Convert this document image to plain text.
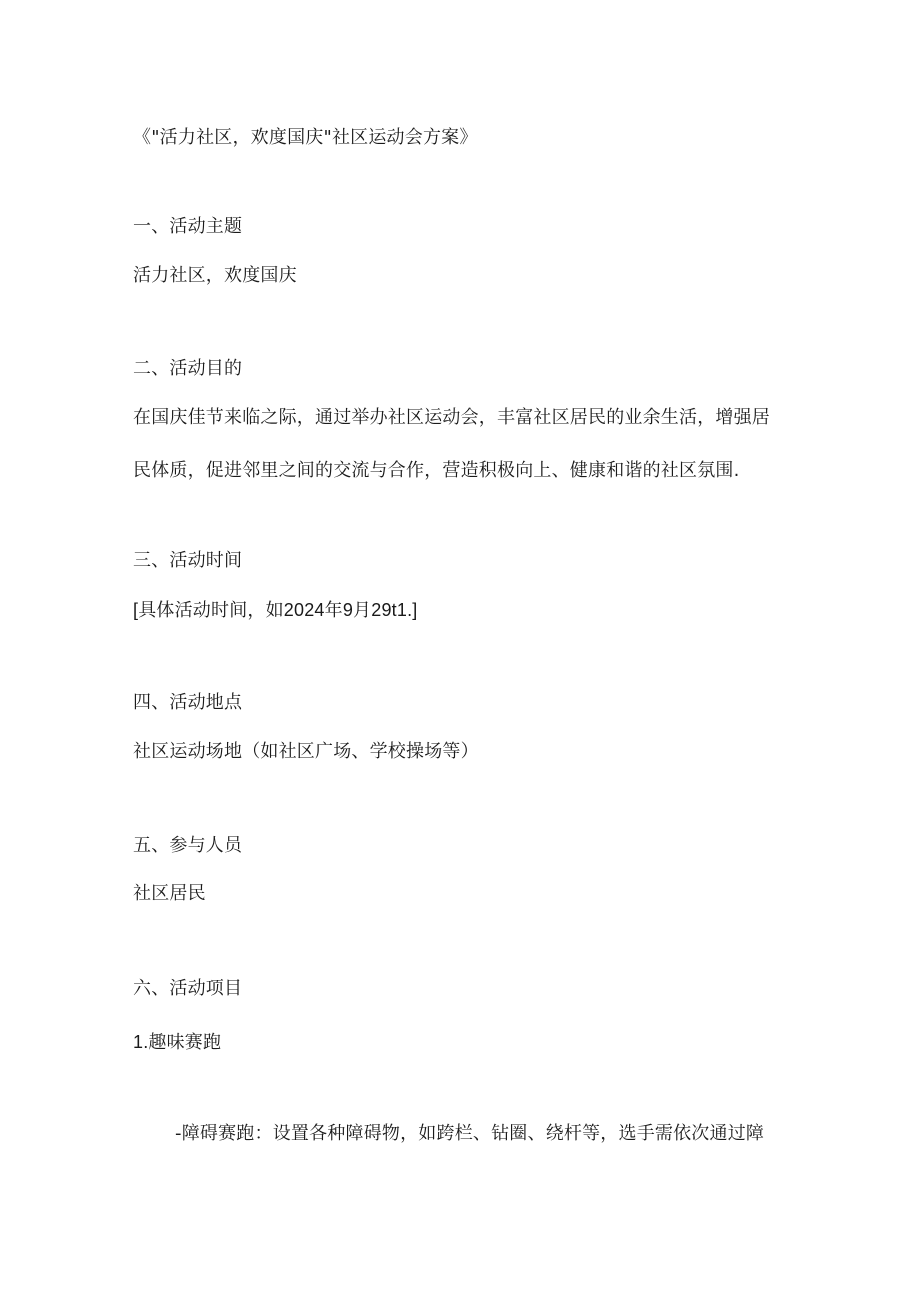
《"活力社区，欢度国庆"社区运动会方案》
一、活动主题
活力社区，欢度国庆
二、活动目的
在国庆佳节来临之际，通过举办社区运动会，丰富社区居民的业余生活，增强居
民体质，促进邻里之间的交流与合作，营造积极向上、健康和谐的社区氛围.
三、活动时间
[具体活动时间，如2024年9月29t1.]
四、活动地点
社区运动场地（如社区广场、学校操场等）
五、参与人员
社区居民
六、活动项目
1.趣味赛跑
-障碍赛跑：设置各种障碍物，如跨栏、钻圈、绕杆等，选手需依次通过障
